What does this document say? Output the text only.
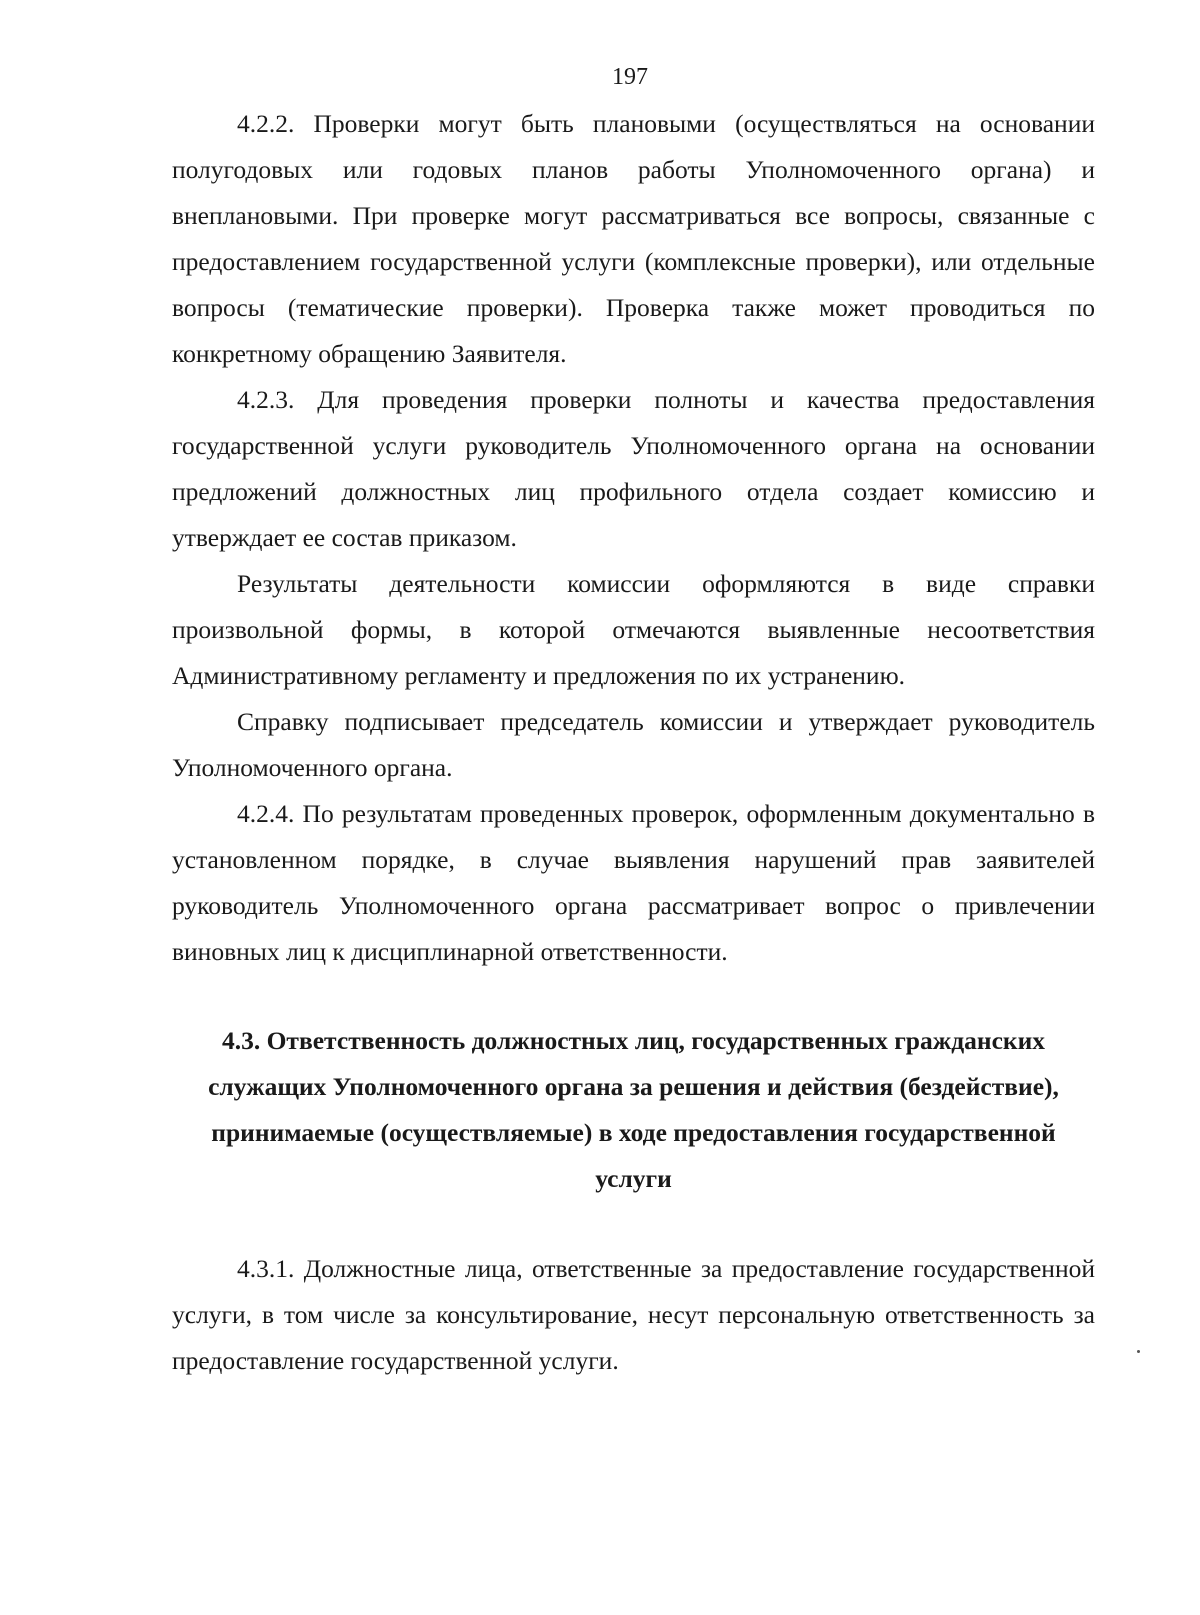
197

4.2.2. Проверки могут быть плановыми (осуществляться на основании полугодовых или годовых планов работы Уполномоченного органа) и внеплановыми. При проверке могут рассматриваться все вопросы, связанные с предоставлением государственной услуги (комплексные проверки), или отдельные вопросы (тематические проверки). Проверка также может проводиться по конкретному обращению Заявителя.

4.2.3. Для проведения проверки полноты и качества предоставления государственной услуги руководитель Уполномоченного органа на основании предложений должностных лиц профильного отдела создает комиссию и утверждает ее состав приказом.

Результаты деятельности комиссии оформляются в виде справки произвольной формы, в которой отмечаются выявленные несоответствия Административному регламенту и предложения по их устранению.

Справку подписывает председатель комиссии и утверждает руководитель Уполномоченного органа.

4.2.4. По результатам проведенных проверок, оформленным документально в установленном порядке, в случае выявления нарушений прав заявителей руководитель Уполномоченного органа рассматривает вопрос о привлечении виновных лиц к дисциплинарной ответственности.

4.3. Ответственность должностных лиц, государственных гражданских служащих Уполномоченного органа за решения и действия (бездействие), принимаемые (осуществляемые) в ходе предоставления государственной услуги

4.3.1. Должностные лица, ответственные за предоставление государственной услуги, в том числе за консультирование, несут персональную ответственность за предоставление государственной услуги.
